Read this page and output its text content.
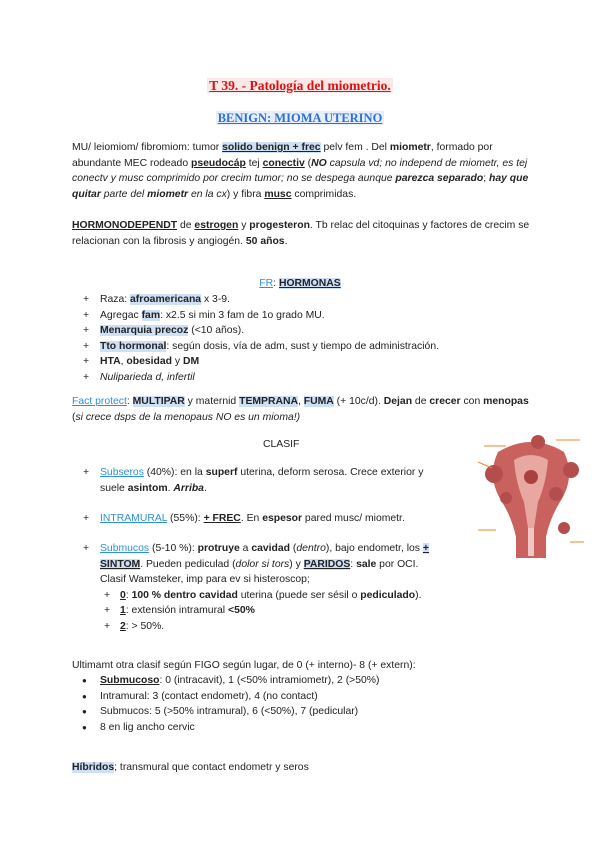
T 39. - Patología del miometrio.
BENIGN: MIOMA UTERINO

MU/ leiomiom/ fibromiom: tumor solido benign + frec pelv fem . Del miometr, formado por abundante MEC rodeado pseudocáp tej conectiv (NO capsula vd; no independ de miometr, es tej conectv y musc comprimido por crecim tumor; no se despega aunque parezca separado; hay que quitar parte del miometr en la cx) y fibra musc comprimidas.

HORMONODEPENDT de estrogen y progesteron. Tb relac del citoquinas y factores de crecim se relacionan con la fibrosis y angiogén. 50 años.

FR: HORMONAS

+ Raza: afroamericana x 3-9.
+ Agregac fam: x2.5 si min 3 fam de 1o grado MU.
+ Menarquia precoz (<10 años).
+ Tto hormonal: según dosis, vía de adm, sust y tiempo de administración.
+ HTA, obesidad y DM
+ Nuliparieda d, infertil

Fact protect: MULTIPAR y maternid TEMPRANA, FUMA (+ 10c/d). Dejan de crecer con menopas (si crece dsps de la menopaus NO es un mioma!)

CLASIF

+ Subseros (40%): en la superf uterina, deform serosa. Crece exterior y suele asintom. Arriba.
+ INTRAMURAL (55%): + FREC. En espesor pared musc/ miometr.
+ Submucos (5-10 %): protruye a cavidad (dentro), bajo endometr, los + SINTOM. Pueden pediculad (dolor si tors) y PARIDOS: sale por OCI.
Clasif Wamsteker, imp para ev si histeroscop;
+ 0: 100 % dentro cavidad uterina (puede ser sésil o pediculado).
+ 1: extensión intramural <50%
+ 2: > 50%.

Ultimamt otra clasif según FIGO según lugar, de 0 (+ interno)- 8 (+ extern):

● Submucoso: 0 (intracavit), 1 (<50% intramiometr), 2 (>50%)
● Intramural: 3 (contact endometr), 4 (no contact)
● Submucos: 5 (>50% intramural), 6 (<50%), 7 (pedicular)
● 8 en lig ancho cervic

Híbridos; transmural que contact endometr y seros
